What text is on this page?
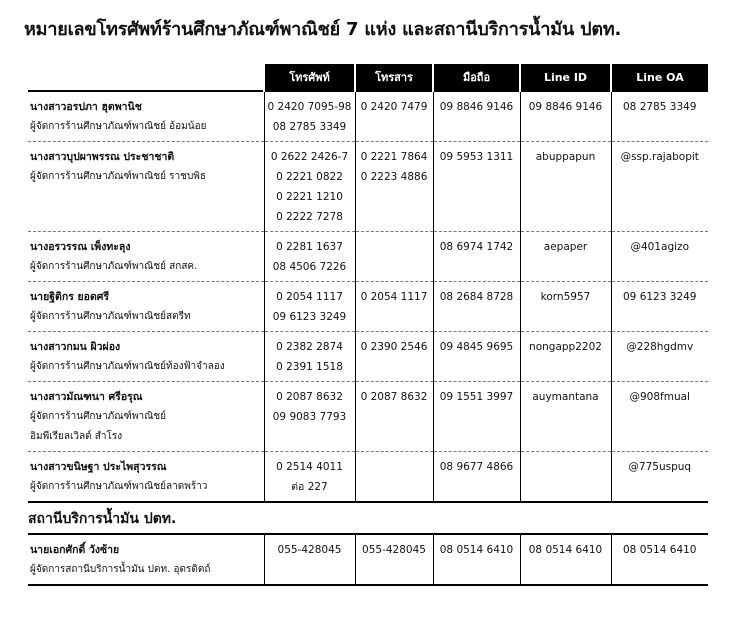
หมายเลขโทรศัพท์ร้านศึกษาภัณฑ์พาณิชย์ 7 แห่ง และสถานีบริการน้ำมัน ปตท.
	โทรศัพท์	โทรสาร	มือถือ	Line ID	Line OA

นางสาวอรปภา ฮุตพานิช
ผู้จัดการร้านศึกษาภัณฑ์พาณิชย์ อ้อมน้อย	0 2420 7095-98
08 2785 3349	0 2420 7479	09 8846 9146	09 8846 9146	08 2785 3349

นางสาวบุปผาพรรณ ประชาชาติ
ผู้จัดการร้านศึกษาภัณฑ์พาณิชย์ ราชบพิธ	0 2622 2426-7
0 2221 0822
0 2221 1210
0 2222 7278	0 2221 7864
0 2223 4886	09 5953 1311	abuppapun	@ssp.rajabopit

นางอรวรรณ เพ็งทะลุง
ผู้จัดการร้านศึกษาภัณฑ์พาณิชย์ สกสค.	0 2281 1637
08 4506 7226		08 6974 1742	aepaper	@401agizo

นายฐิติกร ยอดศรี
ผู้จัดการร้านศึกษาภัณฑ์พาณิชย์สตรีท	0 2054 1117
09 6123 3249	0 2054 1117	08 2684 8728	korn5957	09 6123 3249

นางสาวกมน ผิวผ่อง
ผู้จัดการร้านศึกษาภัณฑ์พาณิชย์ท้องฟ้าจำลอง	0 2382 2874
0 2391 1518	0 2390 2546	09 4845 9695	nongapp2202	@228hgdmv

นางสาวมัณฑนา ศรีอรุณ
ผู้จัดการร้านศึกษาภัณฑ์พาณิชย์
อิมพีเรียลเวิลด์ สำโรง	0 2087 8632
09 9083 7793	0 2087 8632	09 1551 3997	auymantana	@908fmual

นางสาวขนิษฐา ประไพสุวรรณ
ผู้จัดการร้านศึกษาภัณฑ์พาณิชย์ลาดพร้าว	0 2514 4011
ต่อ 227		08 9677 4866		@775uspuq

สถานีบริการน้ำมัน ปตท.					

นายเอกศักดิ์ วังซ้าย
ผู้จัดการสถานีบริการน้ำมัน ปตท. อุดรดิตถ์	055-428045	055-428045	08 0514 6410	08 0514 6410	08 0514 6410
